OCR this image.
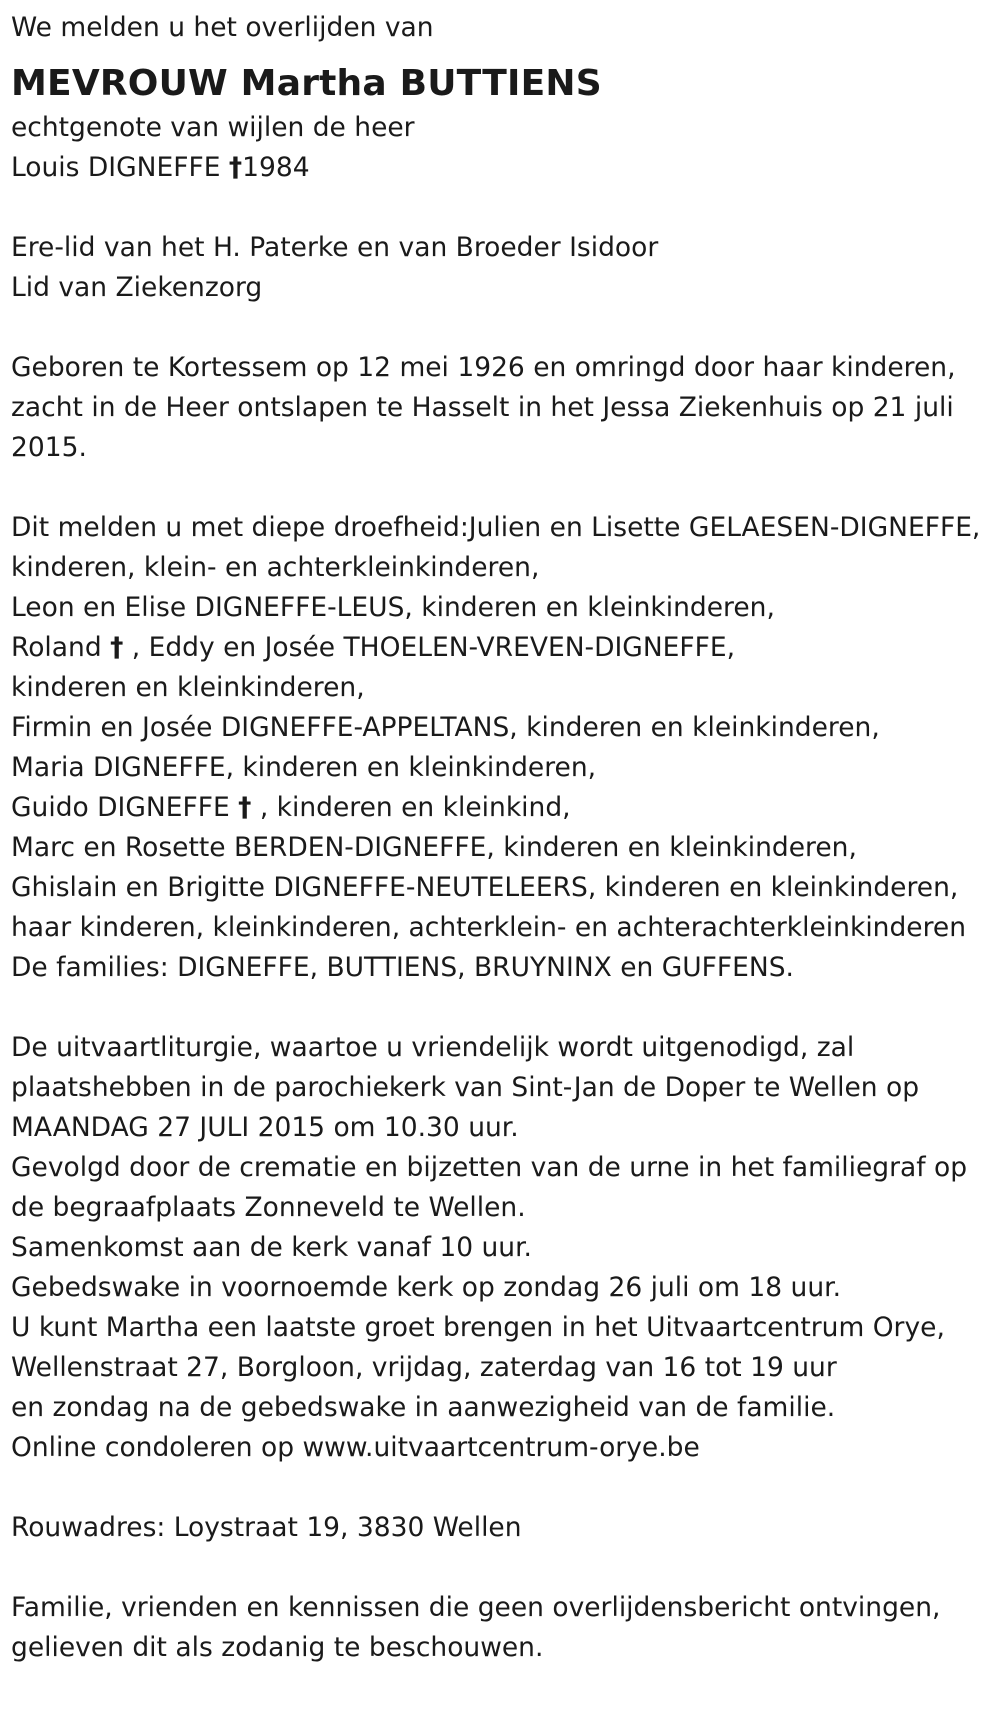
We melden u het overlijden van
MEVROUW Martha BUTTIENS
echtgenote van wijlen de heer
Louis DIGNEFFE †1984
Ere-lid van het H. Paterke en van Broeder Isidoor
Lid van Ziekenzorg
Geboren te Kortessem op 12 mei 1926 en omringd door haar kinderen,
zacht in de Heer ontslapen te Hasselt in het Jessa Ziekenhuis op 21 juli
2015.
Dit melden u met diepe droefheid:Julien en Lisette GELAESEN-DIGNEFFE,
kinderen, klein- en achterkleinkinderen,
Leon en Elise DIGNEFFE-LEUS, kinderen en kleinkinderen,
Roland † , Eddy en Josée THOELEN-VREVEN-DIGNEFFE,
kinderen en kleinkinderen,
Firmin en Josée DIGNEFFE-APPELTANS, kinderen en kleinkinderen,
Maria DIGNEFFE, kinderen en kleinkinderen,
Guido DIGNEFFE † , kinderen en kleinkind,
Marc en Rosette BERDEN-DIGNEFFE, kinderen en kleinkinderen,
Ghislain en Brigitte DIGNEFFE-NEUTELEERS, kinderen en kleinkinderen,
haar kinderen, kleinkinderen, achterklein- en achterachterkleinkinderen
De families: DIGNEFFE, BUTTIENS, BRUYNINX en GUFFENS.
De uitvaartliturgie, waartoe u vriendelijk wordt uitgenodigd, zal
plaatshebben in de parochiekerk van Sint-Jan de Doper te Wellen op
MAANDAG 27 JULI 2015 om 10.30 uur.
Gevolgd door de crematie en bijzetten van de urne in het familiegraf op
de begraafplaats Zonneveld te Wellen.
Samenkomst aan de kerk vanaf 10 uur.
Gebedswake in voornoemde kerk op zondag 26 juli om 18 uur.
U kunt Martha een laatste groet brengen in het Uitvaartcentrum Orye,
Wellenstraat 27, Borgloon, vrijdag, zaterdag van 16 tot 19 uur
en zondag na de gebedswake in aanwezigheid van de familie.
Online condoleren op www.uitvaartcentrum-orye.be
Rouwadres: Loystraat 19, 3830 Wellen
Familie, vrienden en kennissen die geen overlijdensbericht ontvingen,
gelieven dit als zodanig te beschouwen.
